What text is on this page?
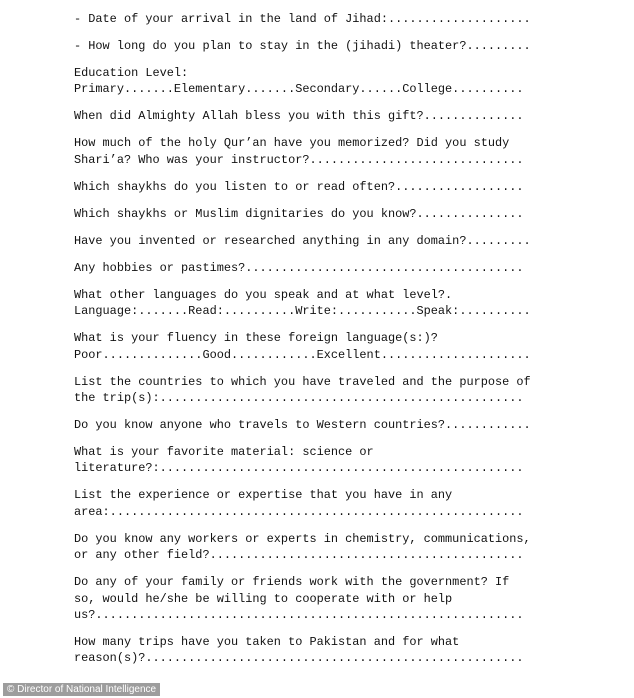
- Date of your arrival in the land of Jihad:....................
- How long do you plan to stay in the (jihadi) theater?.........
Education Level:
Primary.......Elementary.......Secondary......College..........
When did Almighty Allah bless you with this gift?..............
How much of the holy Qur’an have you memorized? Did you study
Shari’a? Who was your instructor?..............................
Which shaykhs do you listen to or read often?..................
Which shaykhs or Muslim dignitaries do you know?...............
Have you invented or researched anything in any domain?.........
Any hobbies or pastimes?.......................................
What other languages do you speak and at what level?.
Language:.......Read:..........Write:...........Speak:..........
What is your fluency in these foreign language(s:)?
Poor..............Good............Excellent.....................
List the countries to which you have traveled and the purpose of
the trip(s):...................................................
Do you know anyone who travels to Western countries?............
What is your favorite material: science or
literature?:...................................................
List the experience or expertise that you have in any
area:..........................................................
Do you know any workers or experts in chemistry, communications,
or any other field?............................................
Do any of your family or friends work with the government? If
so, would he/she be willing to cooperate with or help
us?............................................................
How many trips have you taken to Pakistan and for what
reason(s)?.....................................................
© Director of National Intelligence
